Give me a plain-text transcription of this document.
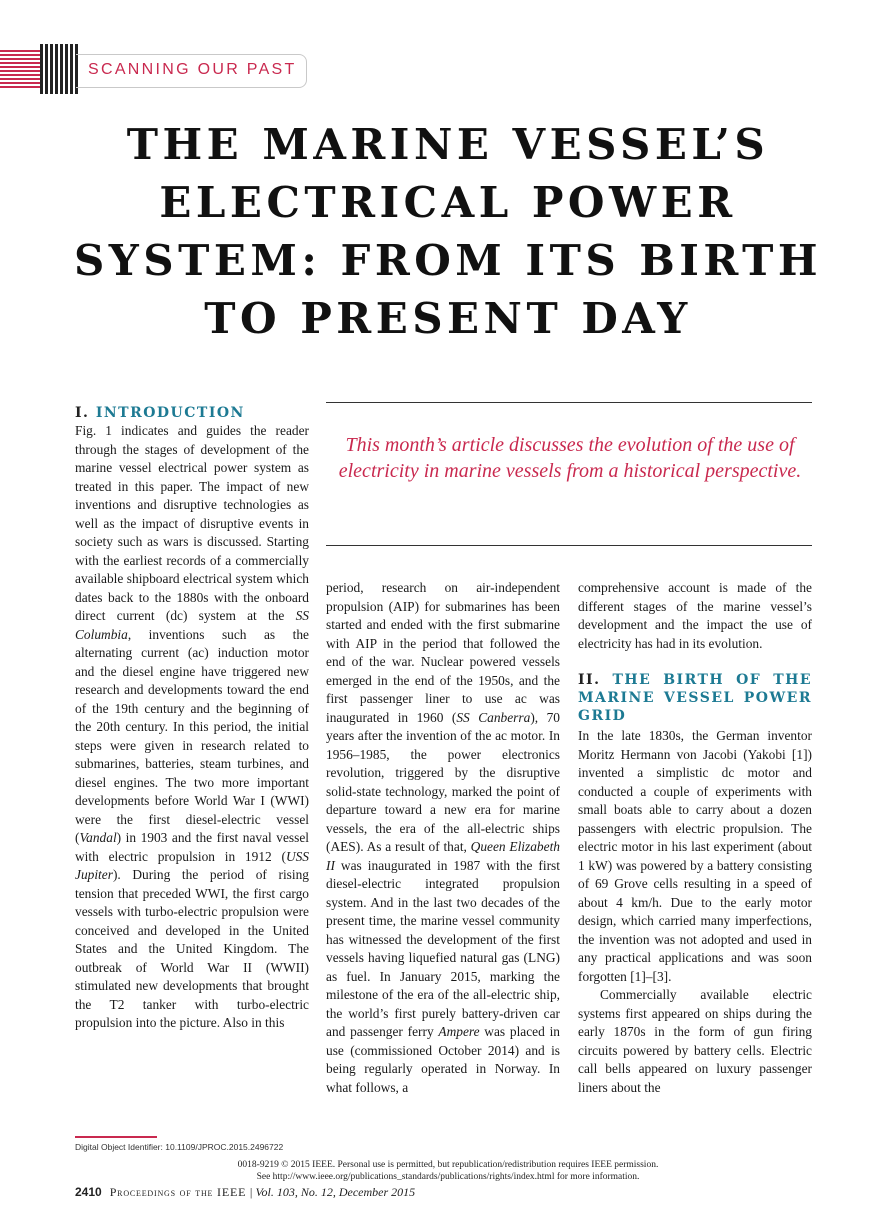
SCANNING OUR PAST
THE MARINE VESSEL’S ELECTRICAL POWER SYSTEM: FROM ITS BIRTH TO PRESENT DAY
I. INTRODUCTION

Fig. 1 indicates and guides the reader through the stages of development of the marine vessel electrical power system as treated in this paper. The impact of new inventions and disruptive technologies as well as the impact of disruptive events in society such as wars is discussed. Starting with the earliest records of a commercially available shipboard electrical system which dates back to the 1880s with the onboard direct current (dc) system at the SS Columbia, inventions such as the alternating current (ac) induction motor and the diesel engine have triggered new research and developments toward the end of the 19th century and the beginning of the 20th century. In this period, the initial steps were given in research related to submarines, batteries, steam turbines, and diesel engines. The two more important developments before World War I (WWI) were the first diesel-electric vessel (Vandal) in 1903 and the first naval vessel with electric propulsion in 1912 (USS Jupiter). During the period of rising tension that preceded WWI, the first cargo vessels with turbo-electric propulsion were conceived and developed in the United States and the United Kingdom. The outbreak of World War II (WWII) stimulated new developments that brought the T2 tanker with turbo-electric propulsion into the picture. Also in this

This month’s article discusses the evolution of the use of electricity in marine vessels from a historical perspective.

period, research on air-independent propulsion (AIP) for submarines has been started and ended with the first submarine with AIP in the period that followed the end of the war. Nuclear powered vessels emerged in the end of the 1950s, and the first passenger liner to use ac was inaugurated in 1960 (SS Canberra), 70 years after the invention of the ac motor. In 1956–1985, the power electronics revolution, triggered by the disruptive solid-state technology, marked the point of departure toward a new era for marine vessels, the era of the all-electric ships (AES). As a result of that, Queen Elizabeth II was inaugurated in 1987 with the first diesel-electric integrated propulsion system. And in the last two decades of the present time, the marine vessel community has witnessed the development of the first vessels having liquefied natural gas (LNG) as fuel. In January 2015, marking the milestone of the era of the all-electric ship, the world’s first purely battery-driven car and passenger ferry Ampere was placed in use (commissioned October 2014) and is being regularly operated in Norway. In what follows, a

comprehensive account is made of the different stages of the marine vessel’s development and the impact the use of electricity has had in its evolution.

II. THE BIRTH OF THE MARINE VESSEL POWER GRID

In the late 1830s, the German inventor Moritz Hermann von Jacobi (Yakobi [1]) invented a simplistic dc motor and conducted a couple of experiments with small boats able to carry about a dozen passengers with electric propulsion. The electric motor in his last experiment (about 1 kW) was powered by a battery consisting of 69 Grove cells resulting in a speed of about 4 km/h. Due to the early motor design, which carried many imperfections, the invention was not adopted and used in any practical applications and was soon forgotten [1]–[3].

Commercially available electric systems first appeared on ships during the early 1870s in the form of gun firing circuits powered by battery cells. Electric call bells appeared on luxury passenger liners about the

Digital Object Identifier: 10.1109/JPROC.2015.2496722
0018-9219 © 2015 IEEE. Personal use is permitted, but republication/redistribution requires IEEE permission.
See http://www.ieee.org/publications_standards/publications/rights/index.html for more information.
2410 Proceedings of the IEEE | Vol. 103, No. 12, December 2015
